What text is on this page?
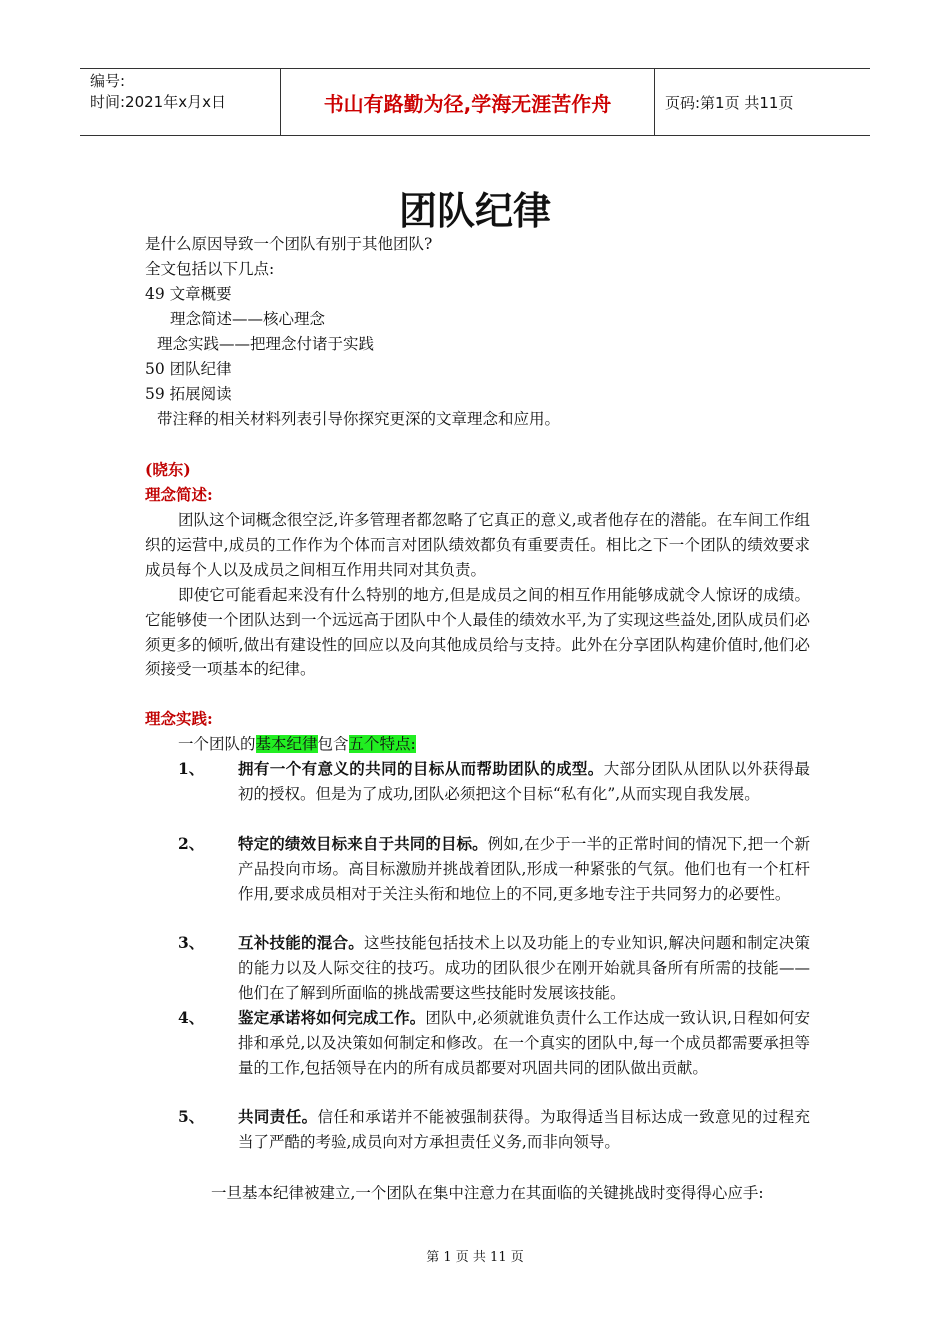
编号:
时间:2021年x月x日	书山有路勤为径,学海无涯苦作舟	页码:第1页 共11页
团队纪律
是什么原因导致一个团队有别于其他团队?
全文包括以下几点:
49 文章概要
理念简述——核心理念
理念实践——把理念付诸于实践
50 团队纪律
59 拓展阅读
带注释的相关材料列表引导你探究更深的文章理念和应用。
(晓东)
理念简述:
团队这个词概念很空泛,许多管理者都忽略了它真正的意义,或者他存在的潜能。在车间工作组织的运营中,成员的工作作为个体而言对团队绩效都负有重要责任。相比之下一个团队的绩效要求成员每个人以及成员之间相互作用共同对其负责。
即使它可能看起来没有什么特别的地方,但是成员之间的相互作用能够成就令人惊讶的成绩。它能够使一个团队达到一个远远高于团队中个人最佳的绩效水平,为了实现这些益处,团队成员们必须更多的倾听,做出有建设性的回应以及向其他成员给与支持。此外在分享团队构建价值时,他们必须接受一项基本的纪律。
理念实践:
一个团队的基本纪律包含五个特点:
1、 拥有一个有意义的共同的目标从而帮助团队的成型。大部分团队从团队以外获得最初的授权。但是为了成功,团队必须把这个目标“私有化”,从而实现自我发展。
2、 特定的绩效目标来自于共同的目标。例如,在少于一半的正常时间的情况下,把一个新产品投向市场。高目标激励并挑战着团队,形成一种紧张的气氛。他们也有一个杠杆作用,要求成员相对于关注头衔和地位上的不同,更多地专注于共同努力的必要性。
3、 互补技能的混合。这些技能包括技术上以及功能上的专业知识,解决问题和制定决策的能力以及人际交往的技巧。成功的团队很少在刚开始就具备所有所需的技能——他们在了解到所面临的挑战需要这些技能时发展该技能。
4、 鉴定承诺将如何完成工作。团队中,必须就谁负责什么工作达成一致认识,日程如何安排和承兑,以及决策如何制定和修改。在一个真实的团队中,每一个成员都需要承担等量的工作,包括领导在内的所有成员都要对巩固共同的团队做出贡献。
5、 共同责任。信任和承诺并不能被强制获得。为取得适当目标达成一致意见的过程充当了严酷的考验,成员向对方承担责任义务,而非向领导。
一旦基本纪律被建立,一个团队在集中注意力在其面临的关键挑战时变得得心应手:
第 1 页 共 11 页
